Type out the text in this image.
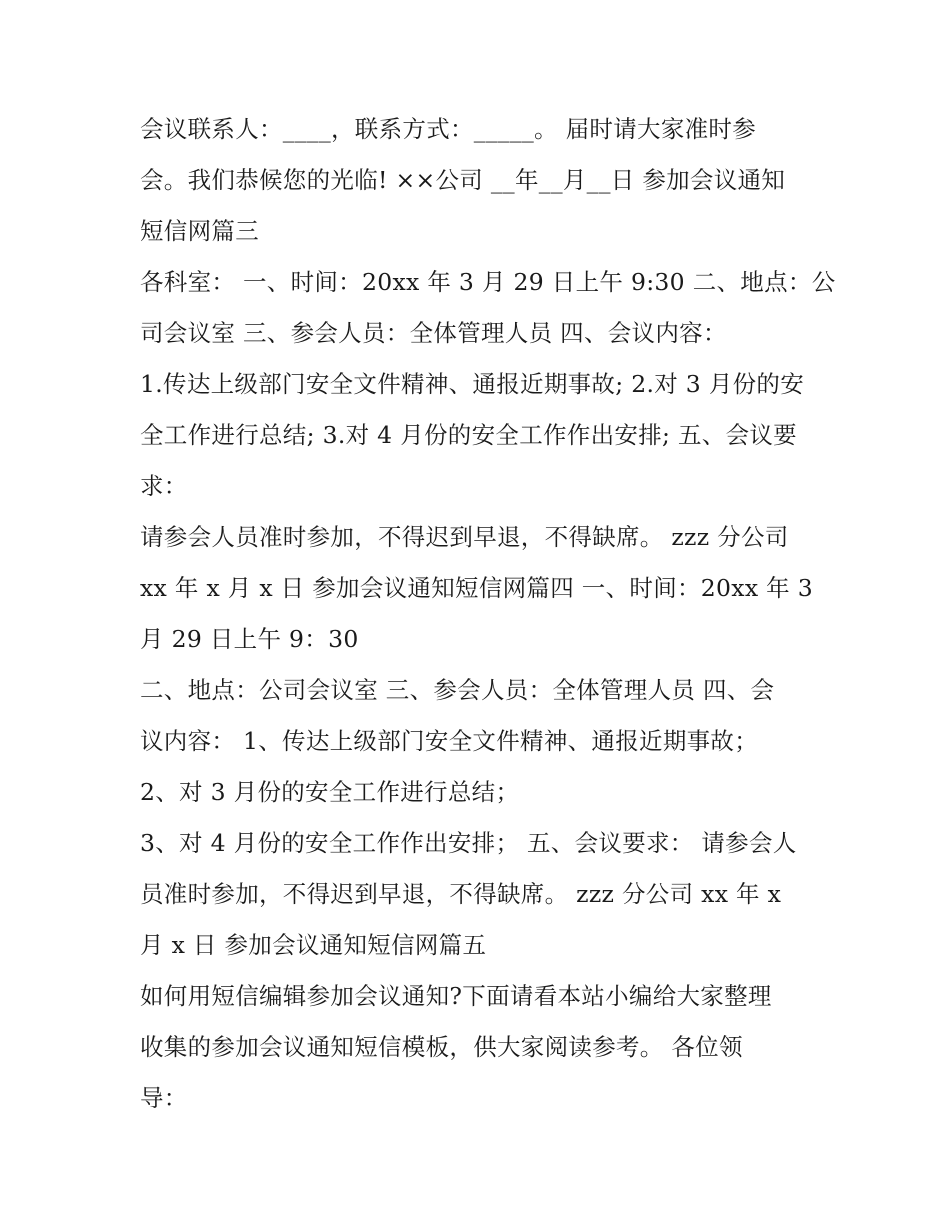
会议联系人：____，联系方式：_____。 届时请大家准时参
会。我们恭候您的光临! ××公司 __年__月__日 参加会议通知
短信网篇三
各科室： 一、时间：20xx 年 3 月 29 日上午 9:30 二、地点：公
司会议室 三、参会人员：全体管理人员 四、会议内容：
1.传达上级部门安全文件精神、通报近期事故; 2.对 3 月份的安
全工作进行总结; 3.对 4 月份的安全工作作出安排; 五、会议要
求：
请参会人员准时参加，不得迟到早退，不得缺席。 zzz 分公司
xx 年 x 月 x 日 参加会议通知短信网篇四 一、时间：20xx 年 3
月 29 日上午 9：30
二、地点：公司会议室 三、参会人员：全体管理人员 四、会
议内容： 1、传达上级部门安全文件精神、通报近期事故；
2、对 3 月份的安全工作进行总结；
3、对 4 月份的安全工作作出安排； 五、会议要求： 请参会人
员准时参加，不得迟到早退，不得缺席。 zzz 分公司 xx 年 x
月 x 日 参加会议通知短信网篇五
如何用短信编辑参加会议通知?下面请看本站小编给大家整理
收集的参加会议通知短信模板，供大家阅读参考。 各位领
导：
